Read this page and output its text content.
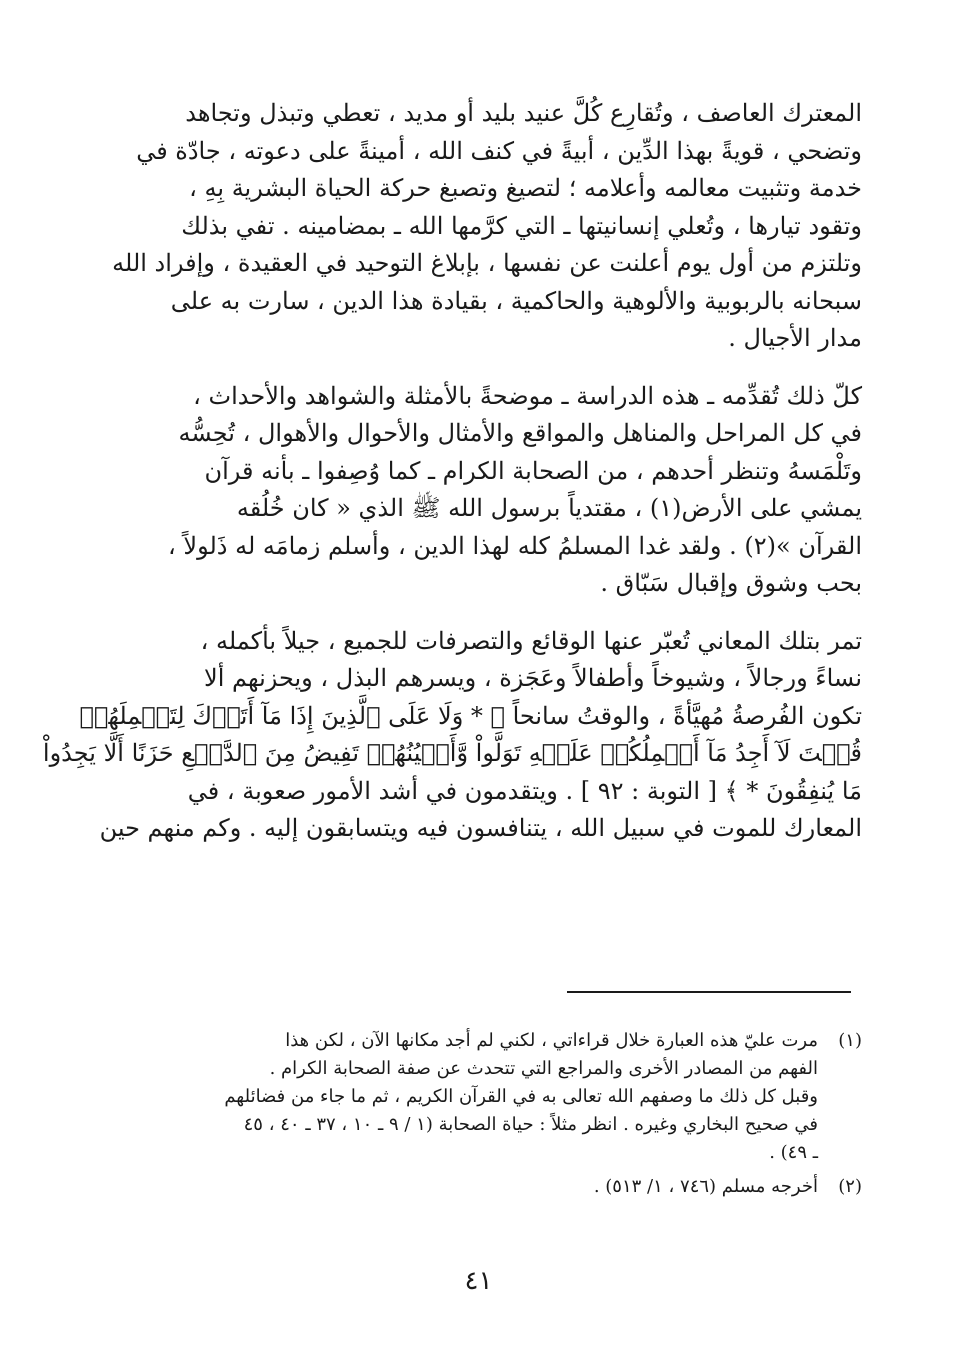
المعترك العاصف ، وتُقارِع كُلَّ عنيد بليد أو مديد ، تعطي وتبذل وتجاهد
وتضحي ، قويةً بهذا الدِّين ، أبيةً في كنف الله ، أمينةً على دعوته ، جادّة في
خدمة وتثبيت معالمه وأعلامه ؛ لتصيغ وتصبغ حركة الحياة البشرية بِهِ ،
وتقود تيارها ، وتُعلي إنسانيتها ـ التي كرَّمها الله ـ بمضامينه . تفي بذلك
وتلتزم من أول يوم أعلنت عن نفسها ، بإبلاغ التوحيد في العقيدة ، وإفراد الله
سبحانه بالربوبية والألوهية والحاكمية ، بقيادة هذا الدين ، سارت به على
مدار الأجيال .

كلّ ذلك تُقدِّمه ـ هذه الدراسة ـ موضحةً بالأمثلة والشواهد والأحداث ،
في كل المراحل والمناهل والمواقع والأمثال والأحوال والأهوال ، تُحِسُّه
وتَلْمَسهُ وتنظر أحدهم ، من الصحابة الكرام ـ كما وُصِفوا ـ بأنه قرآن
يمشي على الأرض(١) ، مقتدياً برسول الله ﷺ الذي « كان خُلُقه
القرآن »(٢) . ولقد غدا المسلمُ كله لهذا الدين ، وأسلم زمامَه له ذَلولاً ،
بحب وشوق وإقبال سَبّاق .

تمر بتلك المعاني تُعبّر عنها الوقائع والتصرفات للجميع ، جيلاً بأكمله ،
نساءً ورجالاً ، وشيوخاً وأطفالاً وعَجَزة ، ويسرهم البذل ، ويحزنهم ألا
تكون الفُرصةُ مُهيَّأةً ، والوقتُ سانحاً ﴿ * وَلَا عَلَى ٱلَّذِينَ إِذَا مَآ أَتَوۡكَ لِتَحۡمِلَهُمۡ
قُلۡتَ لَآ أَجِدُ مَآ أَحۡمِلُكُمۡ عَلَيۡهِ تَوَلَّواْ وَّأَعۡيُنُهُمۡ تَفِيضُ مِنَ ٱلدَّمۡعِ حَزَنًا أَلَّا يَجِدُواْ
مَا يُنفِقُونَ * ﴾ [ التوبة : ٩٢ ] . ويتقدمون في أشد الأمور صعوبة ، في
المعارك للموت في سبيل الله ، يتنافسون فيه ويتسابقون إليه . وكم منهم حين

(١)
مرت عليّ هذه العبارة خلال قراءاتي ، لكني لم أجد مكانها الآن ، لكن هذا
الفهم من المصادر الأخرى والمراجع التي تتحدث عن صفة الصحابة الكرام .
وقبل كل ذلك ما وصفهم الله تعالى به في القرآن الكريم ، ثم ما جاء من فضائلهم
في صحيح البخاري وغيره . انظر مثلاً : حياة الصحابة (١ / ٩ ـ ١٠ ، ٣٧ ـ ٤٠ ، ٤٥
ـ ٤٩) .
(٢)
أخرجه مسلم (٧٤٦ ، ١/ ٥١٣) .
٤١
